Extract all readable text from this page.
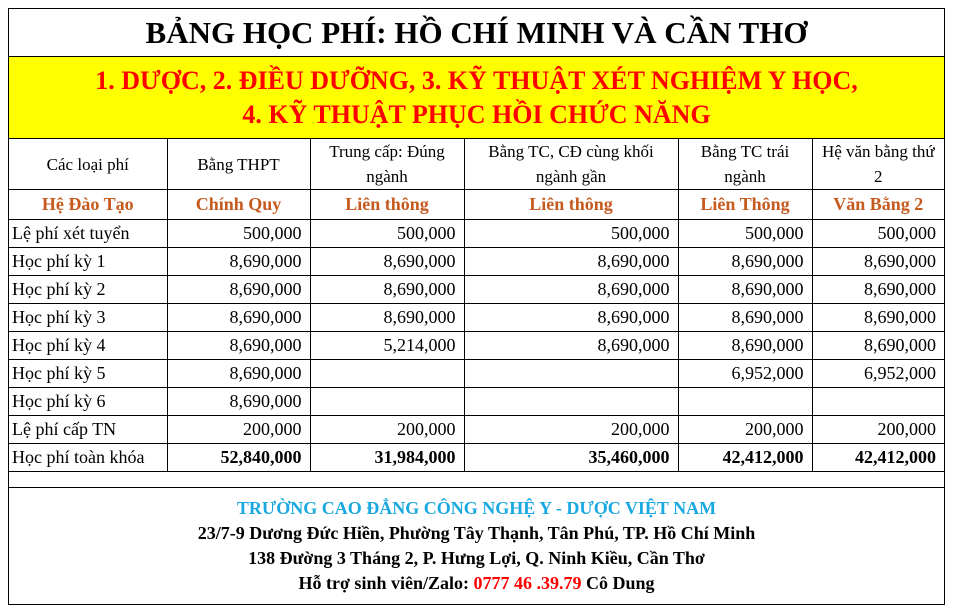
BẢNG HỌC PHÍ: HỒ CHÍ MINH VÀ CẦN THƠ
1. DƯỢC, 2. ĐIỀU DƯỠNG, 3. KỸ THUẬT XÉT NGHIỆM Y HỌC,
4. KỸ THUẬT PHỤC HỒI CHỨC NĂNG
Các loại phí	Bằng THPT	Trung cấp: Đúng ngành	Bằng TC, CĐ cùng khối ngành gần	Bằng TC trái ngành	Hệ văn bằng thứ 2
Hệ Đào Tạo	Chính Quy	Liên thông	Liên thông	Liên Thông	Văn Bằng 2
Lệ phí xét tuyển	500,000	500,000	500,000	500,000	500,000
Học phí kỳ 1	8,690,000	8,690,000	8,690,000	8,690,000	8,690,000
Học phí kỳ 2	8,690,000	8,690,000	8,690,000	8,690,000	8,690,000
Học phí kỳ 3	8,690,000	8,690,000	8,690,000	8,690,000	8,690,000
Học phí kỳ 4	8,690,000	5,214,000	8,690,000	8,690,000	8,690,000
Học phí kỳ 5	8,690,000			6,952,000	6,952,000
Học phí kỳ 6	8,690,000				
Lệ phí cấp TN	200,000	200,000	200,000	200,000	200,000
Học phí toàn khóa	52,840,000	31,984,000	35,460,000	42,412,000	42,412,000
TRƯỜNG CAO ĐẲNG CÔNG NGHỆ Y - DƯỢC VIỆT NAM
23/7-9 Dương Đức Hiền, Phường Tây Thạnh, Tân Phú, TP. Hồ Chí Minh
138 Đường 3 Tháng 2, P. Hưng Lợi, Q. Ninh Kiều, Cần Thơ
Hỗ trợ sinh viên/Zalo: 0777 46 .39.79 Cô Dung
